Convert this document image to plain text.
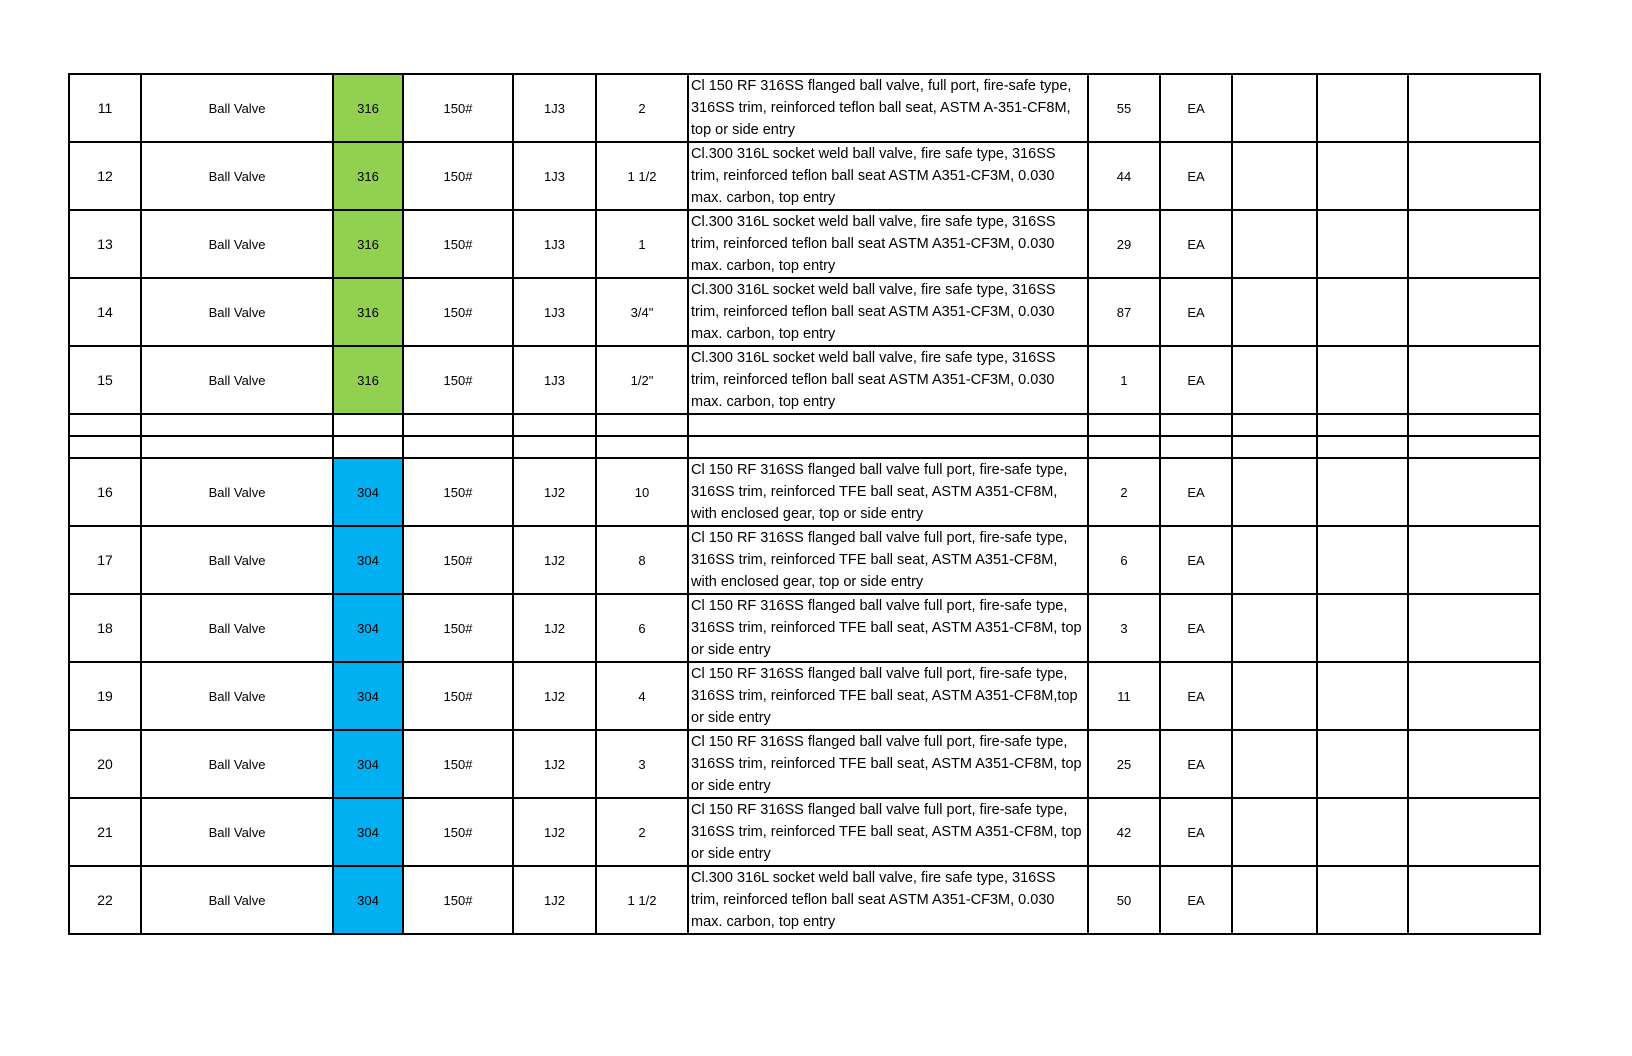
11	Ball Valve	316	150#	1J3	2	Cl 150 RF 316SS flanged ball valve, full port, fire-safe type, 316SS trim, reinforced teflon ball seat, ASTM A-351-CF8M, top or side entry	55	EA			
12	Ball Valve	316	150#	1J3	1 1/2	Cl.300 316L socket weld ball valve, fire safe type, 316SS trim, reinforced teflon ball seat ASTM A351-CF3M, 0.030 max. carbon, top entry	44	EA			
13	Ball Valve	316	150#	1J3	1	Cl.300 316L socket weld ball valve, fire safe type, 316SS trim, reinforced teflon ball seat ASTM A351-CF3M, 0.030 max. carbon, top entry	29	EA			
14	Ball Valve	316	150#	1J3	3/4"	Cl.300 316L socket weld ball valve, fire safe type, 316SS trim, reinforced teflon ball seat ASTM A351-CF3M, 0.030 max. carbon, top entry	87	EA			
15	Ball Valve	316	150#	1J3	1/2"	Cl.300 316L socket weld ball valve, fire safe type, 316SS trim, reinforced teflon ball seat ASTM A351-CF3M, 0.030 max. carbon, top entry	1	EA			

16	Ball Valve	304	150#	1J2	10	Cl 150 RF 316SS flanged ball valve full port, fire-safe type, 316SS trim, reinforced TFE ball seat, ASTM A351-CF8M, with enclosed gear, top or side entry	2	EA			
17	Ball Valve	304	150#	1J2	8	Cl 150 RF 316SS flanged ball valve full port, fire-safe type, 316SS trim, reinforced TFE ball seat, ASTM A351-CF8M, with enclosed gear, top or side entry	6	EA			
18	Ball Valve	304	150#	1J2	6	Cl 150 RF 316SS flanged ball valve full port, fire-safe type, 316SS trim, reinforced TFE ball seat, ASTM A351-CF8M, top or side entry	3	EA			
19	Ball Valve	304	150#	1J2	4	Cl 150 RF 316SS flanged ball valve full port, fire-safe type, 316SS trim, reinforced TFE ball seat, ASTM A351-CF8M,top or side entry	11	EA			
20	Ball Valve	304	150#	1J2	3	Cl 150 RF 316SS flanged ball valve full port, fire-safe type, 316SS trim, reinforced TFE ball seat, ASTM A351-CF8M, top or side entry	25	EA			
21	Ball Valve	304	150#	1J2	2	Cl 150 RF 316SS flanged ball valve full port, fire-safe type, 316SS trim, reinforced TFE ball seat, ASTM A351-CF8M, top or side entry	42	EA			
22	Ball Valve	304	150#	1J2	1 1/2	Cl.300 316L socket weld ball valve, fire safe type, 316SS trim, reinforced teflon ball seat ASTM A351-CF3M, 0.030 max. carbon, top entry	50	EA			
